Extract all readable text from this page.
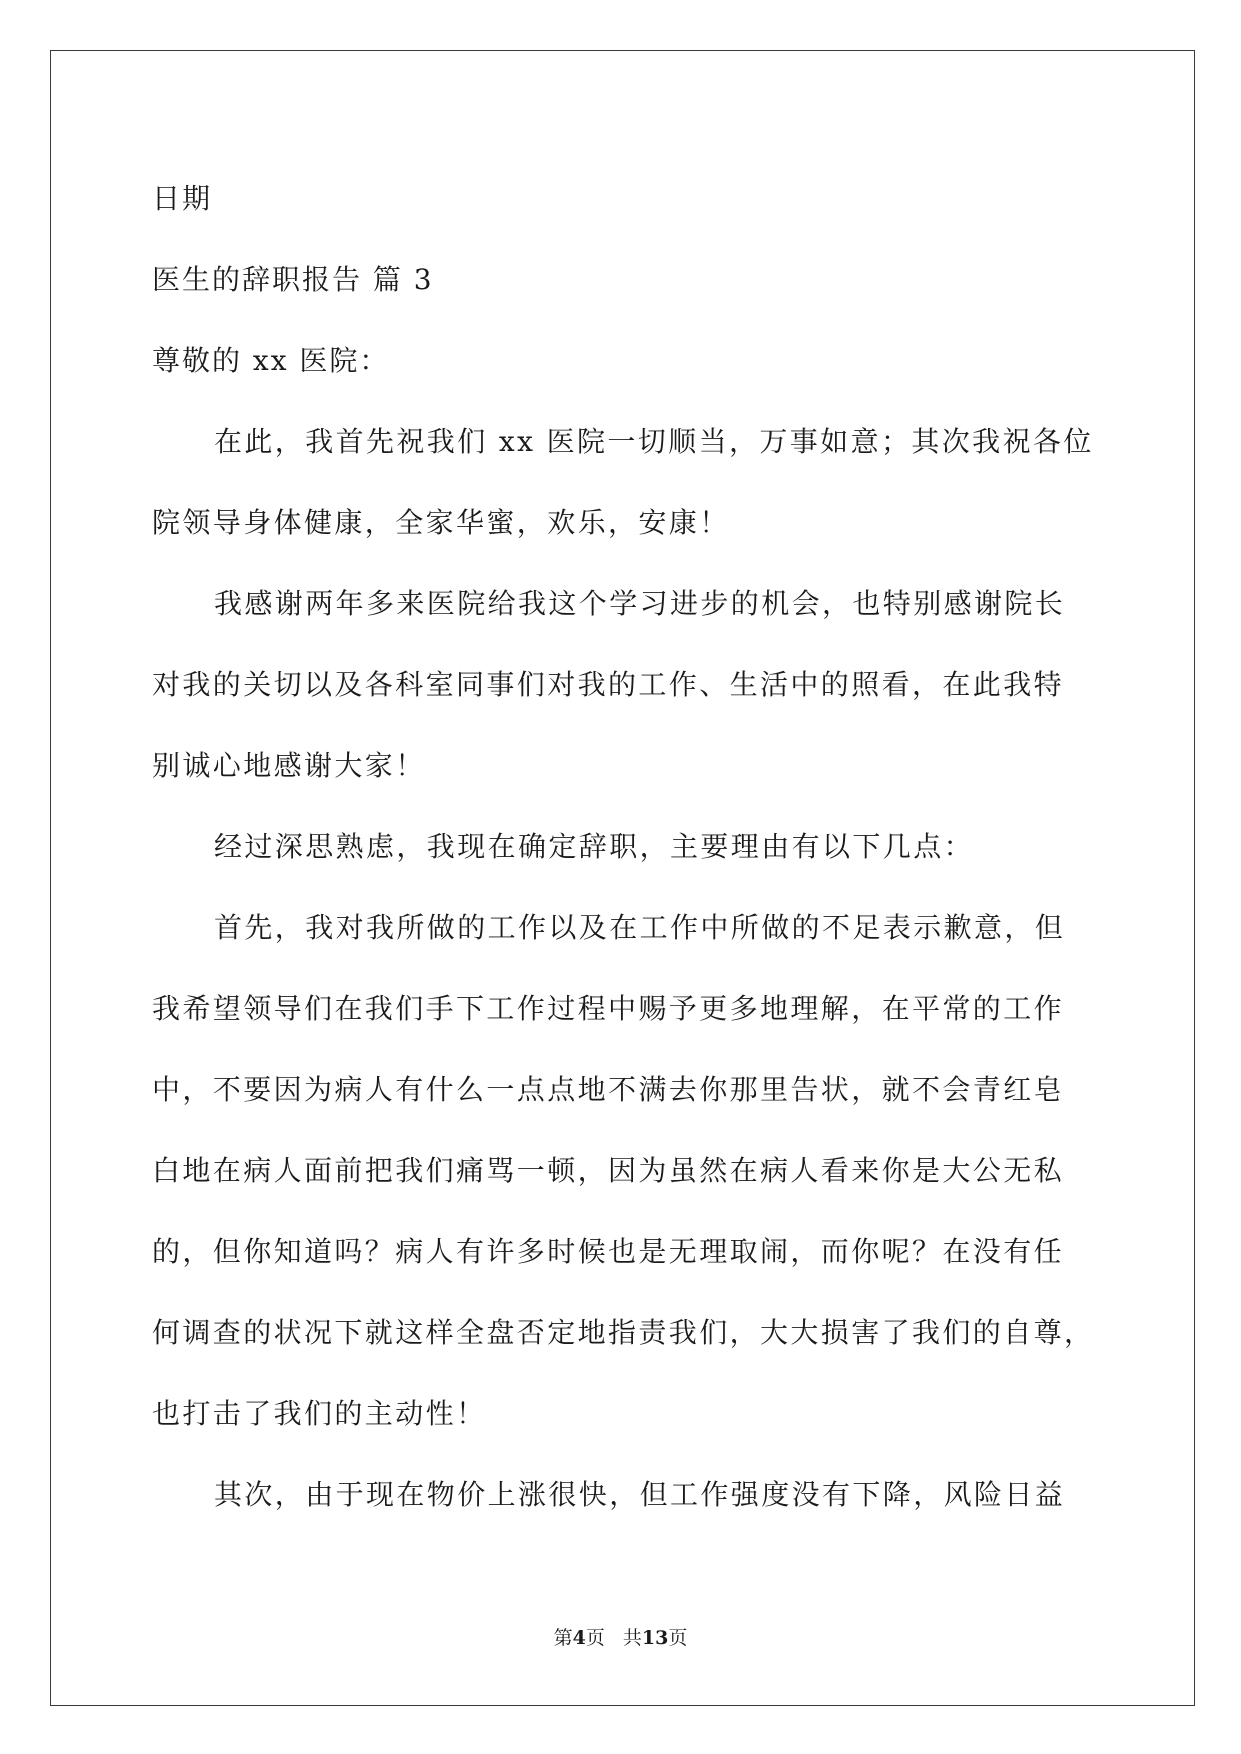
日期
医生的辞职报告 篇 3
尊敬的 xx 医院：
在此，我首先祝我们 xx 医院一切顺当，万事如意；其次我祝各位
院领导身体健康，全家华蜜，欢乐，安康！
我感谢两年多来医院给我这个学习进步的机会，也特别感谢院长
对我的关切以及各科室同事们对我的工作、生活中的照看，在此我特
别诚心地感谢大家！
经过深思熟虑，我现在确定辞职，主要理由有以下几点：
首先，我对我所做的工作以及在工作中所做的不足表示歉意，但
我希望领导们在我们手下工作过程中赐予更多地理解，在平常的工作
中，不要因为病人有什么一点点地不满去你那里告状，就不会青红皂
白地在病人面前把我们痛骂一顿，因为虽然在病人看来你是大公无私
的，但你知道吗？病人有许多时候也是无理取闹，而你呢？在没有任
何调查的状况下就这样全盘否定地指责我们，大大损害了我们的自尊，
也打击了我们的主动性！
其次，由于现在物价上涨很快，但工作强度没有下降，风险日益
第4页 共13页
